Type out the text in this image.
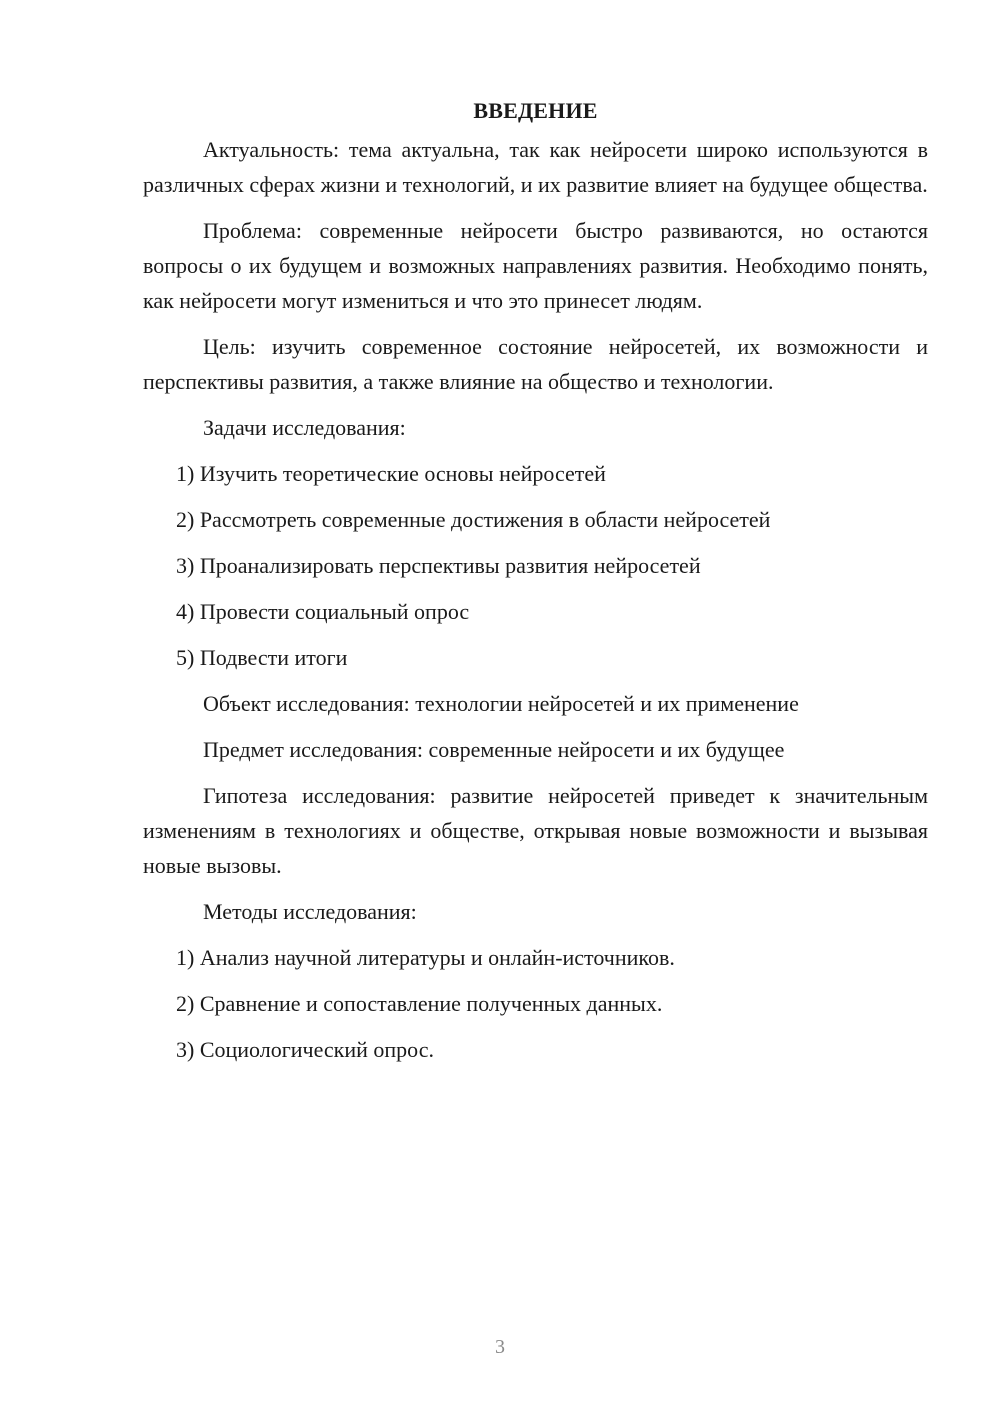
ВВЕДЕНИЕ

Актуальность: тема актуальна, так как нейросети широко используются в различных сферах жизни и технологий, и их развитие влияет на будущее общества.

Проблема: современные нейросети быстро развиваются, но остаются вопросы о их будущем и возможных направлениях развития. Необходимо понять, как нейросети могут измениться и что это принесет людям.

Цель: изучить современное состояние нейросетей, их возможности и перспективы развития, а также влияние на общество и технологии.

Задачи исследования:
1) Изучить теоретические основы нейросетей
2) Рассмотреть современные достижения в области нейросетей
3) Проанализировать перспективы развития нейросетей
4) Провести социальный опрос
5) Подвести итоги
Объект исследования: технологии нейросетей и их применение
Предмет исследования: современные нейросети и их будущее

Гипотеза исследования: развитие нейросетей приведет к значительным изменениям в технологиях и обществе, открывая новые возможности и вызывая новые вызовы.

Методы исследования:
1) Анализ научной литературы и онлайн-источников.
2) Сравнение и сопоставление полученных данных.
3) Социологический опрос.
3
